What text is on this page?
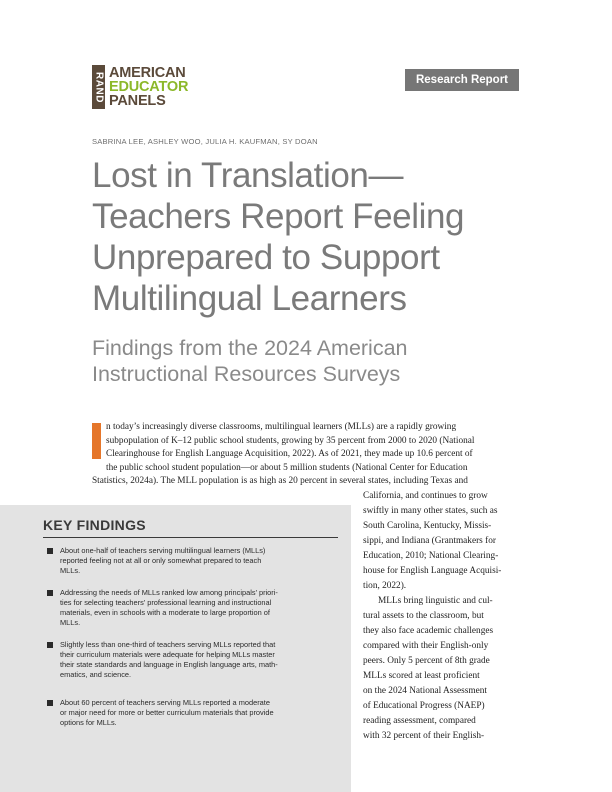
RAND AMERICAN
EDUCATOR
PANELS
Research Report
SABRINA LEE, ASHLEY WOO, JULIA H. KAUFMAN, SY DOAN
Lost in Translation—
Teachers Report Feeling
Unprepared to Support
Multilingual Learners
Findings from the 2024 American
Instructional Resources Surveys
n today’s increasingly diverse classrooms, multilingual learners (MLLs) are a rapidly growing
subpopulation of K–12 public school students, growing by 35 percent from 2000 to 2020 (National
Clearinghouse for English Language Acquisition, 2022). As of 2021, they made up 10.6 percent of
the public school student population—or about 5 million students (National Center for Education
Statistics, 2024a). The MLL population is as high as 20 percent in several states, including Texas and
California, and continues to grow
swiftly in many other states, such as
South Carolina, Kentucky, Missis-
sippi, and Indiana (Grantmakers for
Education, 2010; National Clearing-
house for English Language Acquisi-
tion, 2022).
MLLs bring linguistic and cul-
tural assets to the classroom, but
they also face academic challenges
compared with their English-only
peers. Only 5 percent of 8th grade
MLLs scored at least proficient
on the 2024 National Assessment
of Educational Progress (NAEP)
reading assessment, compared
with 32 percent of their English-
KEY FINDINGS
About one-half of teachers serving multilingual learners (MLLs)
reported feeling not at all or only somewhat prepared to teach
MLLs.
Addressing the needs of MLLs ranked low among principals’ priori-
ties for selecting teachers’ professional learning and instructional
materials, even in schools with a moderate to large proportion of
MLLs.
Slightly less than one-third of teachers serving MLLs reported that
their curriculum materials were adequate for helping MLLs master
their state standards and language in English language arts, math-
ematics, and science.
About 60 percent of teachers serving MLLs reported a moderate
or major need for more or better curriculum materials that provide
options for MLLs.
